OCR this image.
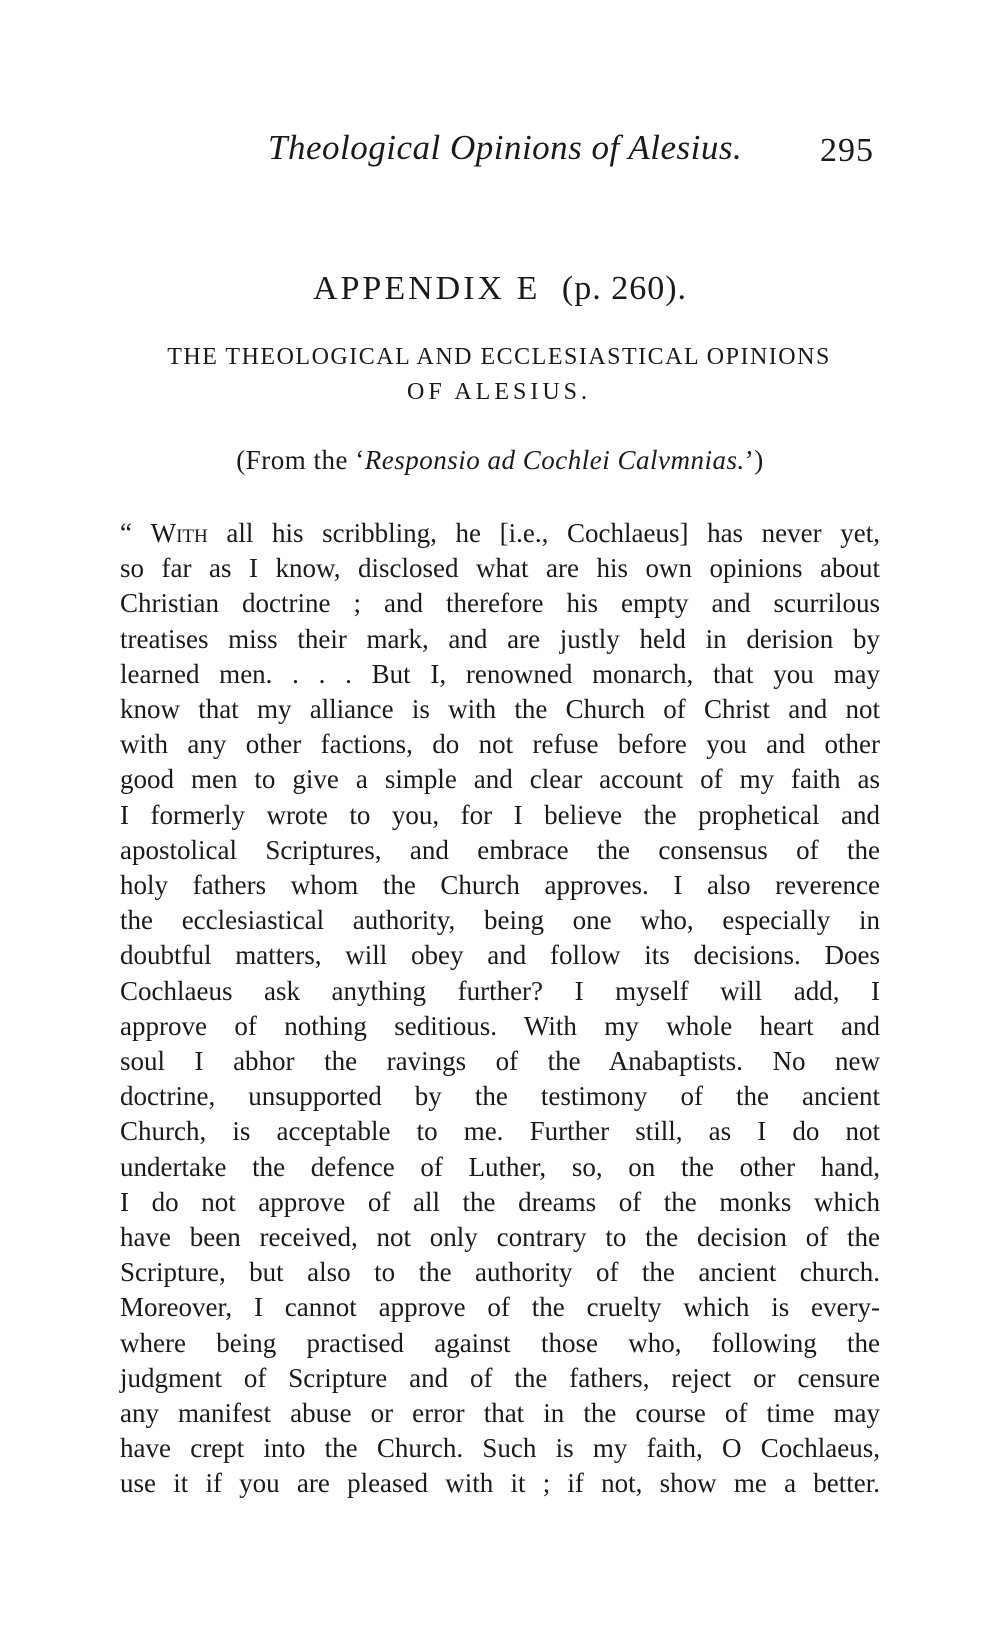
Theological Opinions of Alesius. 295
APPENDIX E (p. 260).
THE THEOLOGICAL AND ECCLESIASTICAL OPINIONS
OF ALESIUS.
(From the ‘Responsio ad Cochlei Calvmnias.’)
“ With all his scribbling, he [i.e., Cochlaeus] has never yet,
so far as I know, disclosed what are his own opinions about
Christian doctrine ; and therefore his empty and scurrilous
treatises miss their mark, and are justly held in derision by
learned men. . . . But I, renowned monarch, that you may
know that my alliance is with the Church of Christ and not
with any other factions, do not refuse before you and other
good men to give a simple and clear account of my faith as
I formerly wrote to you, for I believe the prophetical and
apostolical Scriptures, and embrace the consensus of the
holy fathers whom the Church approves. I also reverence
the ecclesiastical authority, being one who, especially in
doubtful matters, will obey and follow its decisions. Does
Cochlaeus ask anything further? I myself will add, I
approve of nothing seditious. With my whole heart and
soul I abhor the ravings of the Anabaptists. No new
doctrine, unsupported by the testimony of the ancient
Church, is acceptable to me. Further still, as I do not
undertake the defence of Luther, so, on the other hand,
I do not approve of all the dreams of the monks which
have been received, not only contrary to the decision of the
Scripture, but also to the authority of the ancient church.
Moreover, I cannot approve of the cruelty which is every-
where being practised against those who, following the
judgment of Scripture and of the fathers, reject or censure
any manifest abuse or error that in the course of time may
have crept into the Church. Such is my faith, O Cochlaeus,
use it if you are pleased with it ; if not, show me a better.
